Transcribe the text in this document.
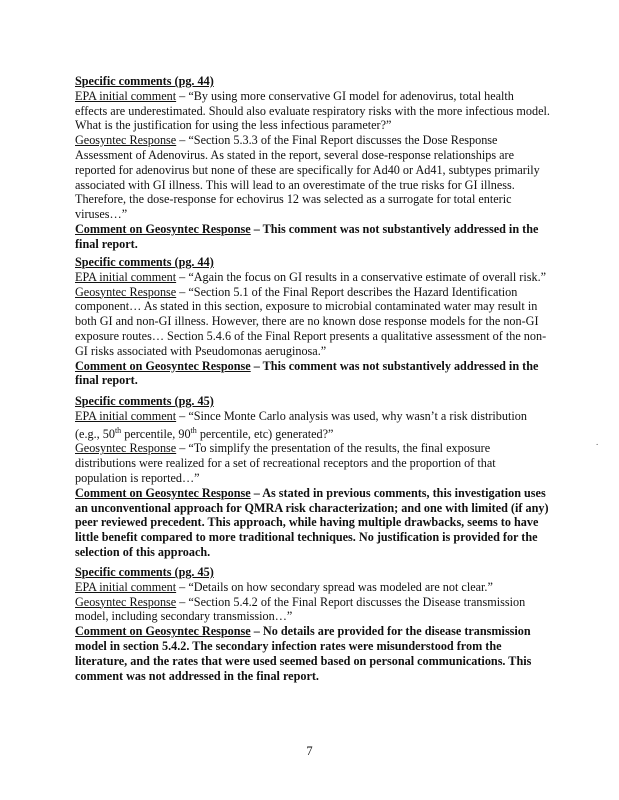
Specific comments (pg. 44)
EPA initial comment – “By using more conservative GI model for adenovirus, total health
effects are underestimated. Should also evaluate respiratory risks with the more infectious model.
What is the justification for using the less infectious parameter?”
Geosyntec Response – “Section 5.3.3 of the Final Report discusses the Dose Response
Assessment of Adenovirus. As stated in the report, several dose-response relationships are
reported for adenovirus but none of these are specifically for Ad40 or Ad41, subtypes primarily
associated with GI illness. This will lead to an overestimate of the true risks for GI illness.
Therefore, the dose-response for echovirus 12 was selected as a surrogate for total enteric
viruses…”
Comment on Geosyntec Response – This comment was not substantively addressed in the
final report.
Specific comments (pg. 44)
EPA initial comment – “Again the focus on GI results in a conservative estimate of overall risk.”
Geosyntec Response – “Section 5.1 of the Final Report describes the Hazard Identification
component… As stated in this section, exposure to microbial contaminated water may result in
both GI and non-GI illness. However, there are no known dose response models for the non-GI
exposure routes… Section 5.4.6 of the Final Report presents a qualitative assessment of the non-
GI risks associated with Pseudomonas aeruginosa.”
Comment on Geosyntec Response – This comment was not substantively addressed in the
final report.
Specific comments (pg. 45)
EPA initial comment – “Since Monte Carlo analysis was used, why wasn’t a risk distribution
(e.g., 50th percentile, 90th percentile, etc) generated?”
Geosyntec Response – “To simplify the presentation of the results, the final exposure
distributions were realized for a set of recreational receptors and the proportion of that
population is reported…”
Comment on Geosyntec Response – As stated in previous comments, this investigation uses
an unconventional approach for QMRA risk characterization; and one with limited (if any)
peer reviewed precedent. This approach, while having multiple drawbacks, seems to have
little benefit compared to more traditional techniques. No justification is provided for the
selection of this approach.
Specific comments (pg. 45)
EPA initial comment – “Details on how secondary spread was modeled are not clear.”
Geosyntec Response – “Section 5.4.2 of the Final Report discusses the Disease transmission
model, including secondary transmission…”
Comment on Geosyntec Response – No details are provided for the disease transmission
model in section 5.4.2. The secondary infection rates were misunderstood from the
literature, and the rates that were used seemed based on personal communications. This
comment was not addressed in the final report.
.
7
